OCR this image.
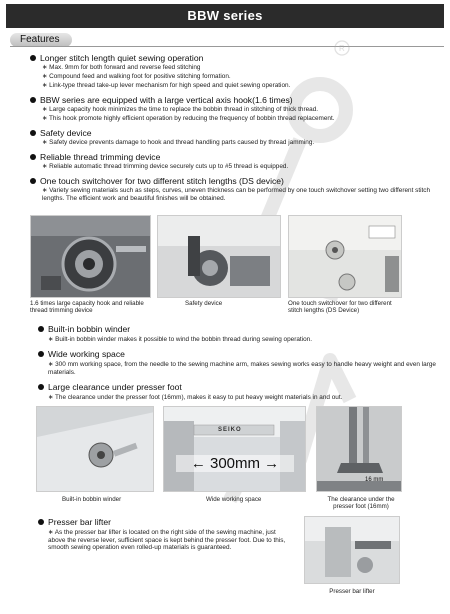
BBW series
Features

R
Longer stitch length quiet sewing operation
∗ Max. 9mm for both forward and reverse feed stitching
∗ Compound feed and walking foot for positive stitching formation.
∗ Link-type thread take-up lever mechanism for high speed and quiet sewing operation.
BBW series are equipped with a large vertical axis hook(1.6 times)
∗ Large capacity hook minimizes the time to replace the bobbin thread in stitching of thick thread.
∗ This hook promote highly efficient operation by reducing the frequency of bobbin thread replacement.
Safety device
∗ Safety device prevents damage to hook and thread handling parts caused by thread jamming.
Reliable thread trimming device
∗ Reliable automatic thread trimming device securely cuts up to #5 thread is equipped.
One touch switchover for two different stitch lengths (DS device)
∗ Variety sewing materials such as steps, curves, uneven thickness can be performed by one touch switchover setting two different stitch lengths. The efficient work and beautiful finishes will be obtained.
1.6 times large capacity hook and reliable thread trimming device
Safety device	One touch switchover for two different stitch lengths (DS Device)
Built-in bobbin winder
∗ Built-in bobbin winder makes it possible to wind the bobbin thread during sewing operation.
Wide working space
∗ 300 mm working space, from the needle to the sewing machine arm, makes sewing works easy to handle heavy weight and even large materials.
Large clearance under presser foot
∗ The clearance under the presser foot (16mm), makes it easy to put heavy weight materials in and out.
SEIKO
← 300mm →
16 mm
Built-in bobbin winder	Wide working space	The clearance under the presser foot (16mm)
Presser bar lifter
∗ As the presser bar lifter is located on the right side of the sewing machine, just above the reverse lever, sufficient space is kept behind the presser foot. Due to this, smooth sewing operation even rolled-up materials is guaranteed.
Presser bar lifter
